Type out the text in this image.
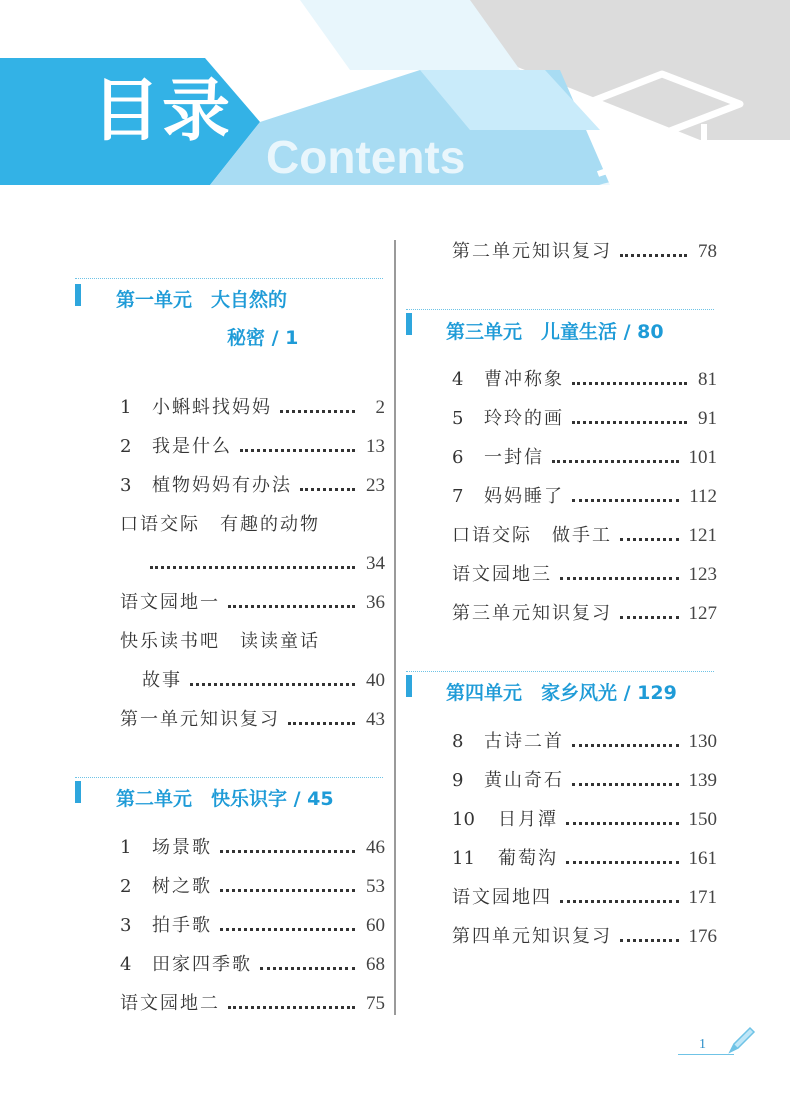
目录
Contents
第一单元　大自然的
秘密 / 1
1	小蝌蚪找妈妈	2
2	我是什么	13
3	植物妈妈有办法	23
口语交际　有趣的动物
34
语文园地一	36
快乐读书吧　读读童话
故事	40
第一单元知识复习	43
第二单元　快乐识字 / 45
1	场景歌	46
2	树之歌	53
3	拍手歌	60
4	田家四季歌	68
语文园地二	75
第二单元知识复习	78
第三单元　儿童生活 / 80
4	曹冲称象	81
5	玲玲的画	91
6	一封信	101
7	妈妈睡了	112
口语交际　做手工	121
语文园地三	123
第三单元知识复习	127
第四单元　家乡风光 / 129
8	古诗二首	130
9	黄山奇石	139
10	日月潭	150
11	葡萄沟	161
语文园地四	171
第四单元知识复习	176
1
